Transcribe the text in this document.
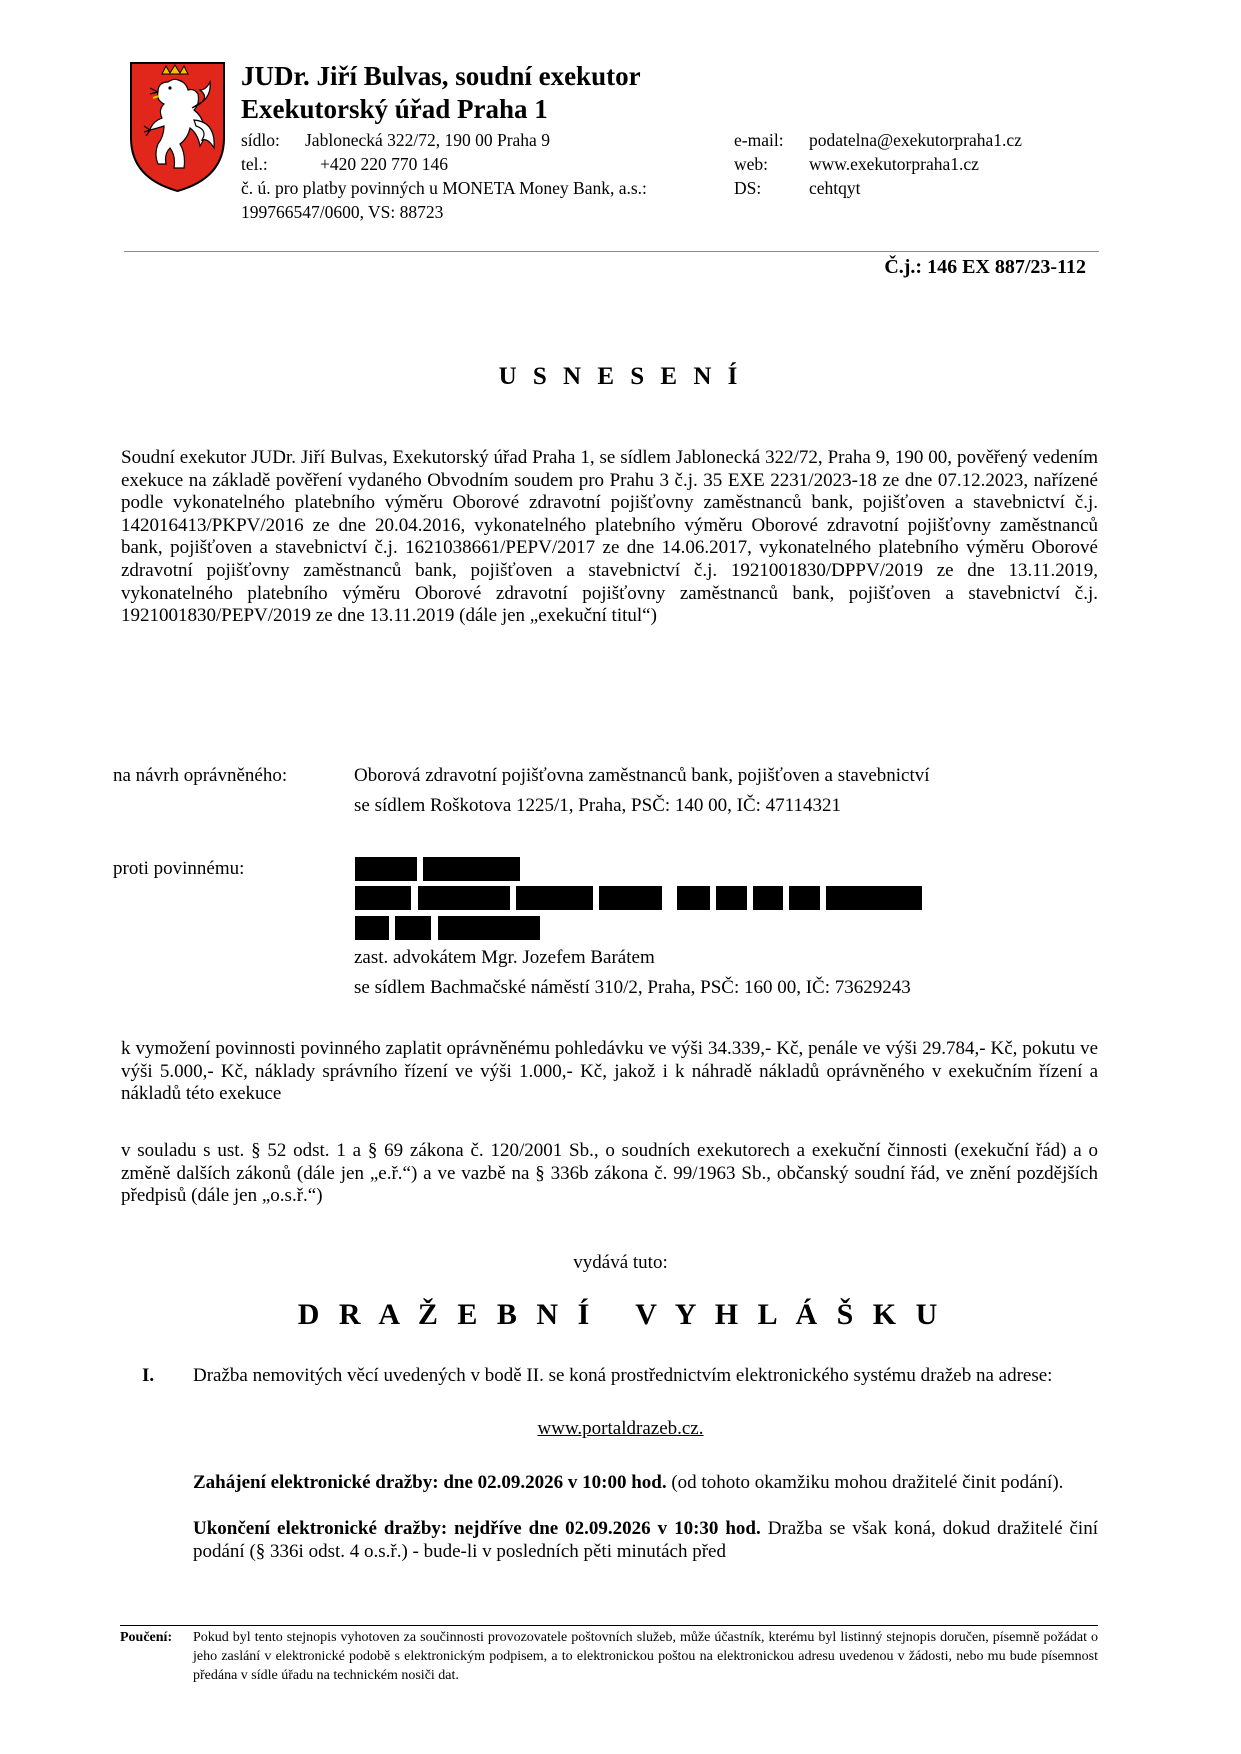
JUDr. Jiří Bulvas, soudní exekutor
Exekutorský úřad Praha 1
sídlo: Jablonecká 322/72, 190 00 Praha 9
tel.:	+420 220 770 146
č. ú. pro platby povinných u MONETA Money Bank, a.s.:
199766547/0600, VS: 88723
e-mail: podatelna@exekutorpraha1.cz
web: www.exekutorpraha1.cz
DS:	cehtqyt
Č.j.: 146 EX 887/23-112
U S N E S E N Í
Soudní exekutor JUDr. Jiří Bulvas, Exekutorský úřad Praha 1, se sídlem Jablonecká 322/72, Praha 9, 190 00, pověřený vedením exekuce na základě pověření vydaného Obvodním soudem pro Prahu 3 č.j. 35 EXE 2231/2023-18 ze dne 07.12.2023, nařízené podle vykonatelného platebního výměru Oborové zdravotní pojišťovny zaměstnanců bank, pojišťoven a stavebnictví č.j. 142016413/PKPV/2016 ze dne 20.04.2016, vykonatelného platebního výměru Oborové zdravotní pojišťovny zaměstnanců bank, pojišťoven a stavebnictví č.j. 1621038661/PEPV/2017 ze dne 14.06.2017, vykonatelného platebního výměru Oborové zdravotní pojišťovny zaměstnanců bank, pojišťoven a stavebnictví č.j. 1921001830/DPPV/2019 ze dne 13.11.2019, vykonatelného platebního výměru Oborové zdravotní pojišťovny zaměstnanců bank, pojišťoven a stavebnictví č.j. 1921001830/PEPV/2019 ze dne 13.11.2019 (dále jen „exekuční titul“)
na návrh oprávněného:	Oborová zdravotní pojišťovna zaměstnanců bank, pojišťoven a stavebnictví
se sídlem Roškotova 1225/1, Praha, PSČ: 140 00, IČ: 47114321
proti povinnému:
zast. advokátem Mgr. Jozefem Barátem
se sídlem Bachmačské náměstí 310/2, Praha, PSČ: 160 00, IČ: 73629243
k vymožení povinnosti povinného zaplatit oprávněnému pohledávku ve výši 34.339,- Kč, penále ve výši 29.784,- Kč, pokutu ve výši 5.000,- Kč, náklady správního řízení ve výši 1.000,- Kč, jakož i k náhradě nákladů oprávněného v exekučním řízení a nákladů této exekuce
v souladu s ust. § 52 odst. 1 a § 69 zákona č. 120/2001 Sb., o soudních exekutorech a exekuční činnosti (exekuční řád) a o změně dalších zákonů (dále jen „e.ř.“) a ve vazbě na § 336b zákona č. 99/1963 Sb., občanský soudní řád, ve znění pozdějších předpisů (dále jen „o.s.ř.“)
vydává tuto:
D R A Ž E B N Í   V Y H L Á Š K U
I. Dražba nemovitých věcí uvedených v bodě II. se koná prostřednictvím elektronického systému dražeb na adrese:
www.portaldrazeb.cz.
Zahájení elektronické dražby: dne 02.09.2026 v 10:00 hod. (od tohoto okamžiku mohou dražitelé činit podání).
Ukončení elektronické dražby: nejdříve dne 02.09.2026 v 10:30 hod. Dražba se však koná, dokud dražitelé činí podání (§ 336i odst. 4 o.s.ř.) - bude-li v posledních pěti minutách před
Poučení: Pokud byl tento stejnopis vyhotoven za součinnosti provozovatele poštovních služeb, může účastník, kterému byl listinný stejnopis doručen, písemně požádat o jeho zaslání v elektronické podobě s elektronickým podpisem, a to elektronickou poštou na elektronickou adresu uvedenou v žádosti, nebo mu bude písemnost předána v sídle úřadu na technickém nosiči dat.
